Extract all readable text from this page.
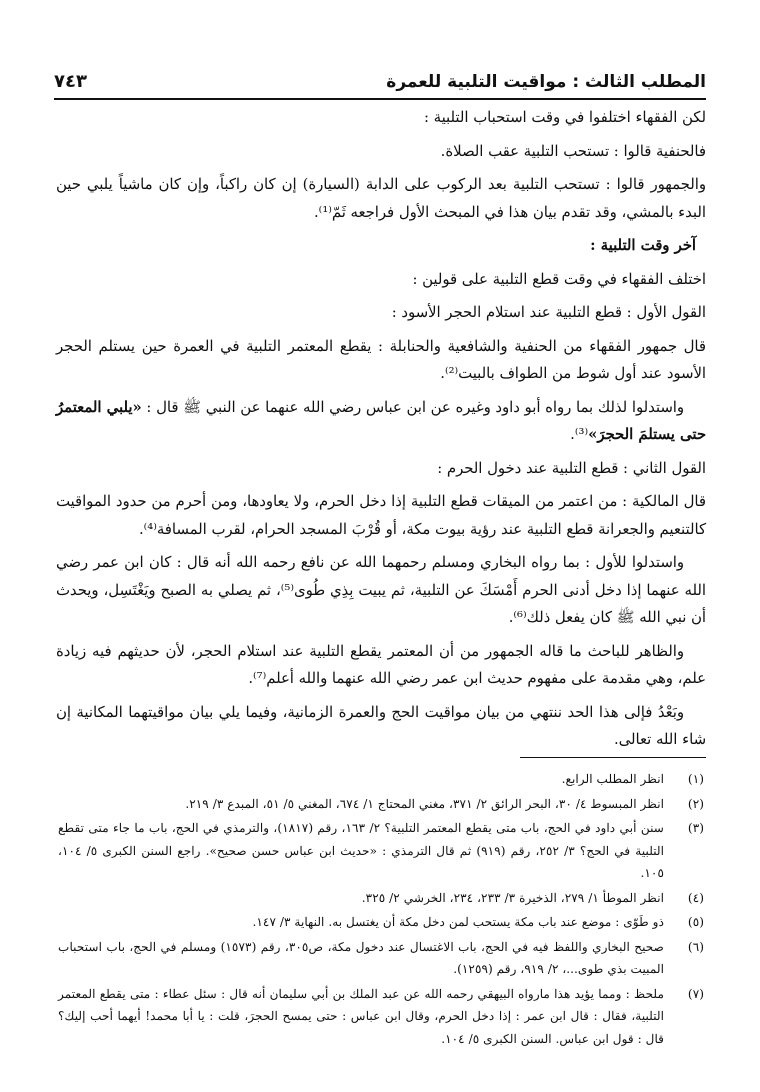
المطلب الثالث : مواقيت التلبية للعمرة
٧٤٣

لكن الفقهاء اختلفوا في وقت استحباب التلبية :

فالحنفية قالوا : تستحب التلبية عقب الصلاة.

والجمهور قالوا : تستحب التلبية بعد الركوب على الدابة (السيارة) إن كان راكباً، وإن كان ماشياً يلبي حين البدء بالمشي، وقد تقدم بيان هذا في المبحث الأول فراجعه ثَمّ⁽¹⁾.

آخر وقت التلبية :

اختلف الفقهاء في وقت قطع التلبية على قولين :

القول الأول : قطع التلبية عند استلام الحجر الأسود :

قال جمهور الفقهاء من الحنفية والشافعية والحنابلة : يقطع المعتمر التلبية في العمرة حين يستلم الحجر الأسود عند أول شوط من الطواف بالبيت⁽²⁾.

واستدلوا لذلك بما رواه أبو داود وغيره عن ابن عباس رضي الله عنهما عن النبي ﷺ قال : «يلبي المعتمرُ حتى يستلمَ الحجرَ»⁽³⁾.

القول الثاني : قطع التلبية عند دخول الحرم :

قال المالكية : من اعتمر من الميقات قطع التلبية إذا دخل الحرم، ولا يعاودها، ومن أحرم من حدود المواقيت كالتنعيم والجعرانة قطع التلبية عند رؤية بيوت مكة، أو قُرْبَ المسجد الحرام، لقرب المسافة⁽⁴⁾.

واستدلوا للأول : بما رواه البخاري ومسلم رحمهما الله عن نافع رحمه الله أنه قال : كان ابن عمر رضي الله عنهما إذا دخل أدنى الحرم أَمْسَكَ عن التلبية، ثم يبيت بِذِي طُوى⁽⁵⁾، ثم يصلي به الصبح ويَغْتَسِل، ويحدث أن نبي الله ﷺ كان يفعل ذلك⁽⁶⁾.

والظاهر للباحث ما قاله الجمهور من أن المعتمر يقطع التلبية عند استلام الحجر، لأن حديثهم فيه زيادة علم، وهي مقدمة على مفهوم حديث ابن عمر رضي الله عنهما والله أعلم⁽⁷⁾.

وبَعْدُ فإلى هذا الحد ننتهي من بيان مواقيت الحج والعمرة الزمانية، وفيما يلي بيان مواقيتهما المكانية إن شاء الله تعالى.

(١)
انظر المطلب الرابع.
(٢)
انظر المبسوط ٤/ ٣٠، البحر الرائق ٢/ ٣٧١، مغني المحتاج ١/ ٦٧٤، المغني ٥/ ٥١، المبدع ٣/ ٢١٩.
(٣)
سنن أبي داود في الحج، باب متى يقطع المعتمر التلبية؟ ٢/ ١٦٣، رقم (١٨١٧)، والترمذي في الحج، باب ما جاء متى تقطع التلبية في الحج؟ ٣/ ٢٥٢، رقم (٩١٩) ثم قال الترمذي : «حديث ابن عباس حسن صحيح». راجع السنن الكبرى ٥/ ١٠٤، ١٠٥.
(٤)
انظر الموطأ ١/ ٢٧٩، الذخيرة ٣/ ٢٣٣، ٢٣٤، الخرشي ٢/ ٣٢٥.
(٥)
ذو طَوّى : موضع عند باب مكة يستحب لمن دخل مكة أن يغتسل به. النهاية ٣/ ١٤٧.
(٦)
صحيح البخاري واللفظ فيه في الحج، باب الاغتسال عند دخول مكة، ص٣٠٥، رقم (١٥٧٣) ومسلم في الحج، باب استحباب المبيت بذي طوى...، ٢/ ٩١٩، رقم (١٢٥٩).
(٧)
ملحظ : ومما يؤيد هذا مارواه البيهقي رحمه الله عن عبد الملك بن أبي سليمان أنه قال : سئل عطاء : متى يقطع المعتمر التلبية، فقال : قال ابن عمر : إذا دخل الحرم، وقال ابن عباس : حتى يمسح الحجرَ، قلت : يا أبا محمد! أيهما أحب إليك؟ قال : قول ابن عباس. السنن الكبرى ٥/ ١٠٤.
